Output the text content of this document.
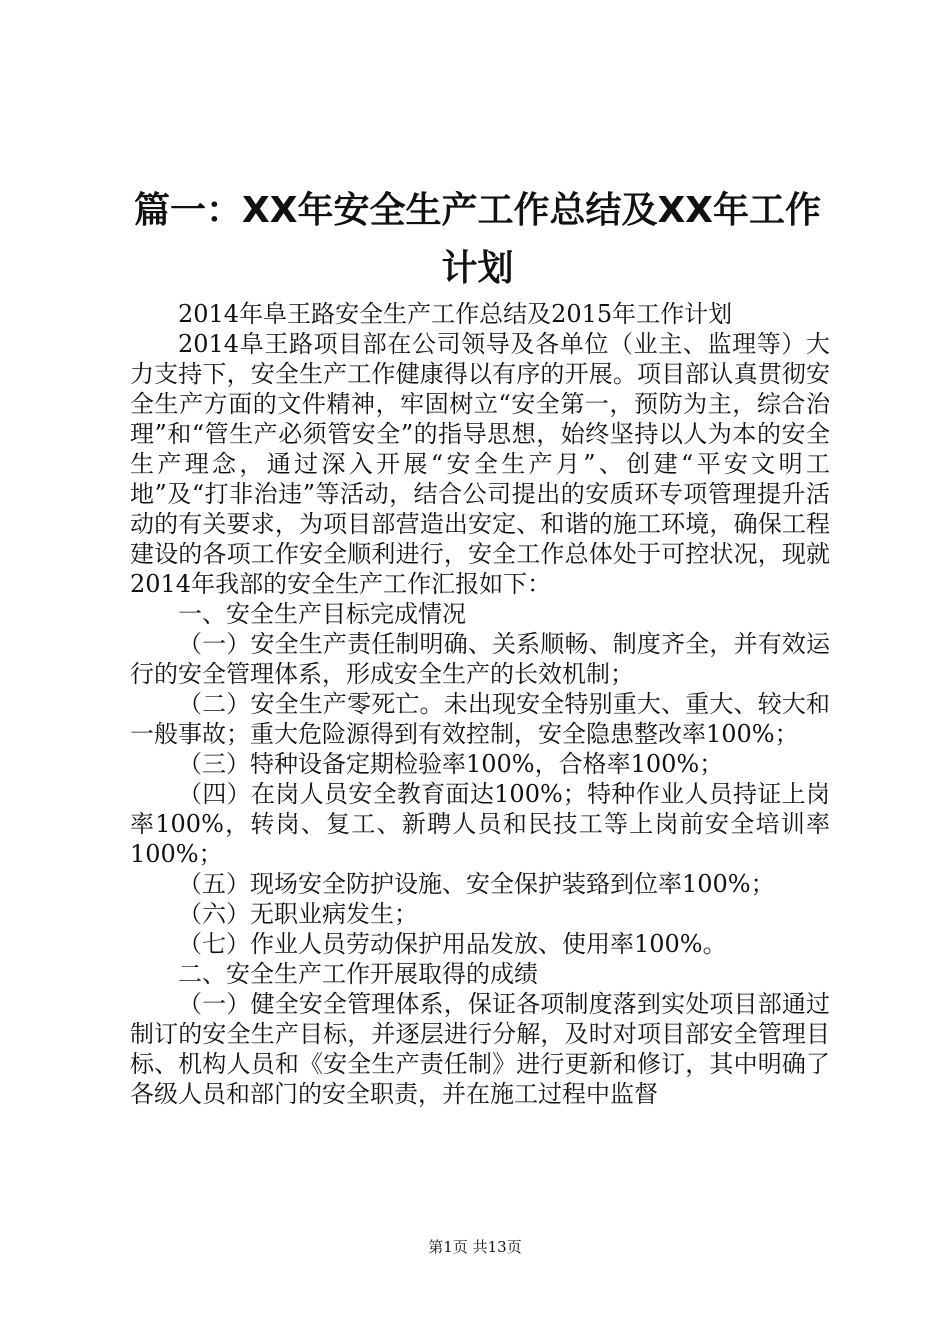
篇一：XX年安全生产工作总结及XX年工作计划

2014年阜王路安全生产工作总结及2015年工作计划

2014阜王路项目部在公司领导及各单位（业主、监理等）大力支持下，安全生产工作健康得以有序的开展。项目部认真贯彻安全生产方面的文件精神，牢固树立“安全第一，预防为主，综合治理”和“管生产必须管安全”的指导思想，始终坚持以人为本的安全生产理念，通过深入开展“安全生产月”、创建“平安文明工地”及“打非治违”等活动，结合公司提出的安质环专项管理提升活动的有关要求，为项目部营造出安定、和谐的施工环境，确保工程建设的各项工作安全顺利进行，安全工作总体处于可控状况，现就2014年我部的安全生产工作汇报如下：

一、安全生产目标完成情况

（一）安全生产责任制明确、关系顺畅、制度齐全，并有效运行的安全管理体系，形成安全生产的长效机制；

（二）安全生产零死亡。未出现安全特别重大、重大、较大和一般事故；重大危险源得到有效控制，安全隐患整改率100%；

（三）特种设备定期检验率100%，合格率100%；

（四）在岗人员安全教育面达100%；特种作业人员持证上岗率100%，转岗、复工、新聘人员和民技工等上岗前安全培训率100%；

（五）现场安全防护设施、安全保护装臵到位率100%；

（六）无职业病发生；

（七）作业人员劳动保护用品发放、使用率100%。

二、安全生产工作开展取得的成绩

（一）健全安全管理体系，保证各项制度落到实处项目部通过制订的安全生产目标，并逐层进行分解，及时对项目部安全管理目标、机构人员和《安全生产责任制》进行更新和修订，其中明确了各级人员和部门的安全职责，并在施工过程中监督

第1页 共13页
